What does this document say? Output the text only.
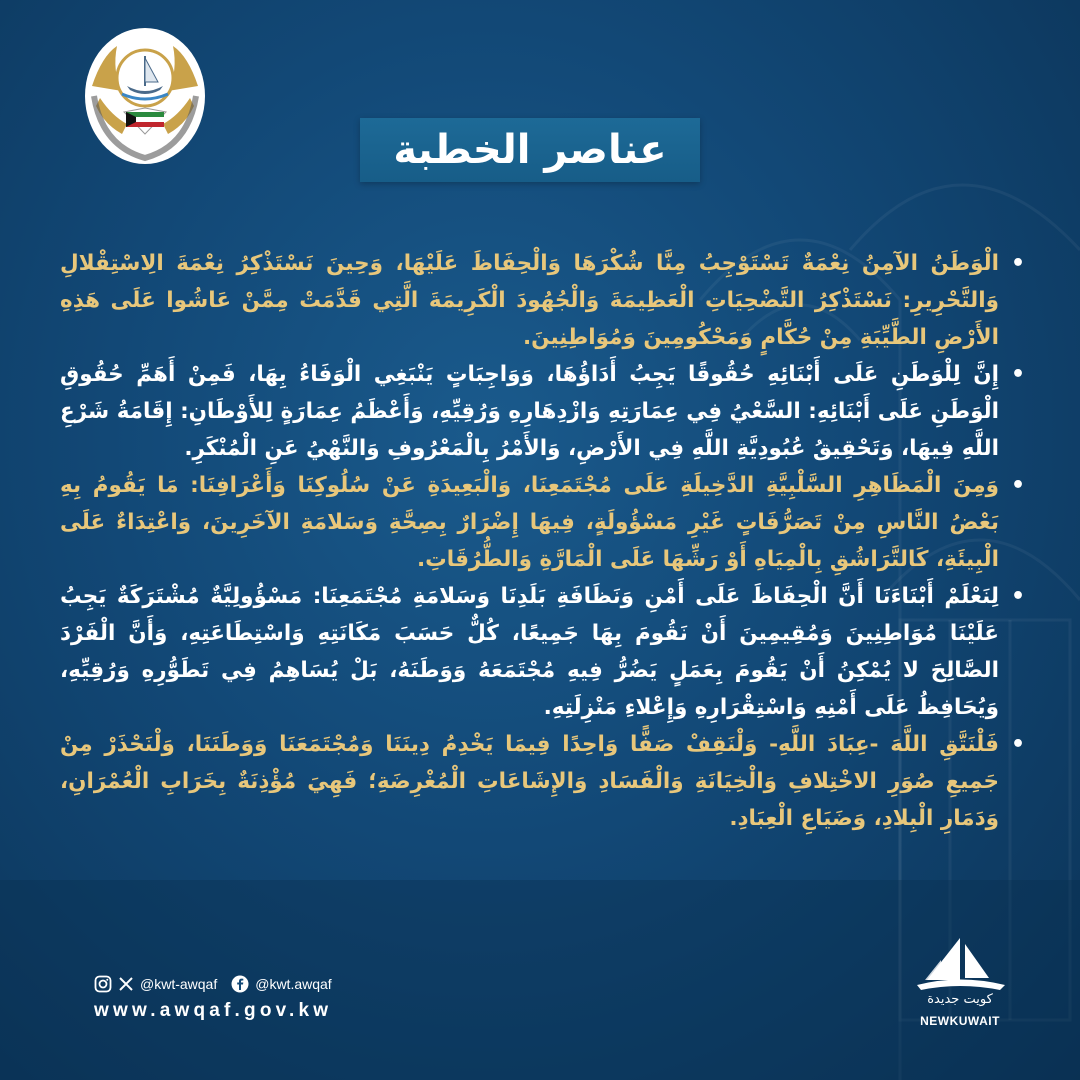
عناصر الخطبة
•
الْوَطَنُ الآمِنُ نِعْمَةٌ تَسْتَوْجِبُ مِنَّا شُكْرَهَا وَالْحِفَاظَ عَلَيْهَا، وَحِينَ نَسْتَذْكِرُ نِعْمَةَ الِاسْتِقْلالِ وَالتَّحْرِيرِ: نَسْتَذْكِرُ التَّضْحِيَاتِ الْعَظِيمَةَ وَالْجُهُودَ الْكَرِيمَةَ الَّتِي قَدَّمَتْ مِمَّنْ عَاشُوا عَلَى هَذِهِ الأَرْضِ الطَّيِّبَةِ مِنْ حُكَّامٍ وَمَحْكُومِينَ وَمُوَاطِنِينَ.
•
إِنَّ لِلْوَطَنِ عَلَى أَبْنَائِهِ حُقُوقًا يَجِبُ أَدَاؤُهَا، وَوَاجِبَاتٍ يَنْبَغِي الْوَفَاءُ بِهَا، فَمِنْ أَهَمِّ حُقُوقِ الْوَطَنِ عَلَى أَبْنَائِهِ: السَّعْيُ فِي عِمَارَتِهِ وَازْدِهَارِهِ وَرُقِيِّهِ، وَأَعْظَمُ عِمَارَةٍ لِلأَوْطَانِ: إِقَامَةُ شَرْعِ اللَّهِ فِيهَا، وَتَحْقِيقُ عُبُودِيَّةِ اللَّهِ فِي الأَرْضِ، وَالأَمْرُ بِالْمَعْرُوفِ وَالنَّهْيُ عَنِ الْمُنْكَرِ.
•
وَمِنَ الْمَظَاهِرِ السَّلْبِيَّةِ الدَّخِيلَةِ عَلَى مُجْتَمَعِنَا، وَالْبَعِيدَةِ عَنْ سُلُوكِنَا وَأَعْرَافِنَا: مَا يَقُومُ بِهِ بَعْضُ النَّاسِ مِنْ تَصَرُّفَاتٍ غَيْرِ مَسْؤُولَةٍ، فِيهَا إِضْرَارٌ بِصِحَّةِ وَسَلامَةِ الآخَرِينَ، وَاعْتِدَاءٌ عَلَى الْبِيئَةِ، كَالتَّرَاشُقِ بِالْمِيَاهِ أَوْ رَشِّهَا عَلَى الْمَارَّةِ وَالطُّرُقَاتِ.
•
لِنَعْلَمْ أَبْنَاءَنَا أَنَّ الْحِفَاظَ عَلَى أَمْنِ وَنَظَافَةِ بَلَدِنَا وَسَلامَةِ مُجْتَمَعِنَا: مَسْؤُولِيَّةٌ مُشْتَرَكَةٌ يَجِبُ عَلَيْنَا مُوَاطِنِينَ وَمُقِيمِينَ أَنْ نَقُومَ بِهَا جَمِيعًا، كُلٌّ حَسَبَ مَكَانَتِهِ وَاسْتِطَاعَتِهِ، وَأَنَّ الْفَرْدَ الصَّالِحَ لا يُمْكِنُ أَنْ يَقُومَ بِعَمَلٍ يَضُرُّ فِيهِ مُجْتَمَعَهُ وَوَطَنَهُ، بَلْ يُسَاهِمُ فِي تَطَوُّرِهِ وَرُقِيِّهِ، وَيُحَافِظُ عَلَى أَمْنِهِ وَاسْتِقْرَارِهِ وَإِعْلاءِ مَنْزِلَتِهِ.
•
فَلْنَتَّقِ اللَّهَ -عِبَادَ اللَّهِ- وَلْنَقِفْ صَفًّا وَاحِدًا فِيمَا يَخْدِمُ دِينَنَا وَمُجْتَمَعَنَا وَوَطَنَنَا، وَلْنَحْذَرْ مِنْ جَمِيعِ صُوَرِ الاخْتِلافِ وَالْخِيَانَةِ وَالْفَسَادِ وَالإِشَاعَاتِ الْمُغْرِضَةِ؛ فَهِيَ مُؤْذِنَةٌ بِخَرَابِ الْعُمْرَانِ، وَدَمَارِ الْبِلادِ، وَضَيَاعِ الْعِبَادِ.
@kwt-awqaf	@kwt.awqaf
www.awqaf.gov.kw
كويت جديدة
NEWKUWAIT
